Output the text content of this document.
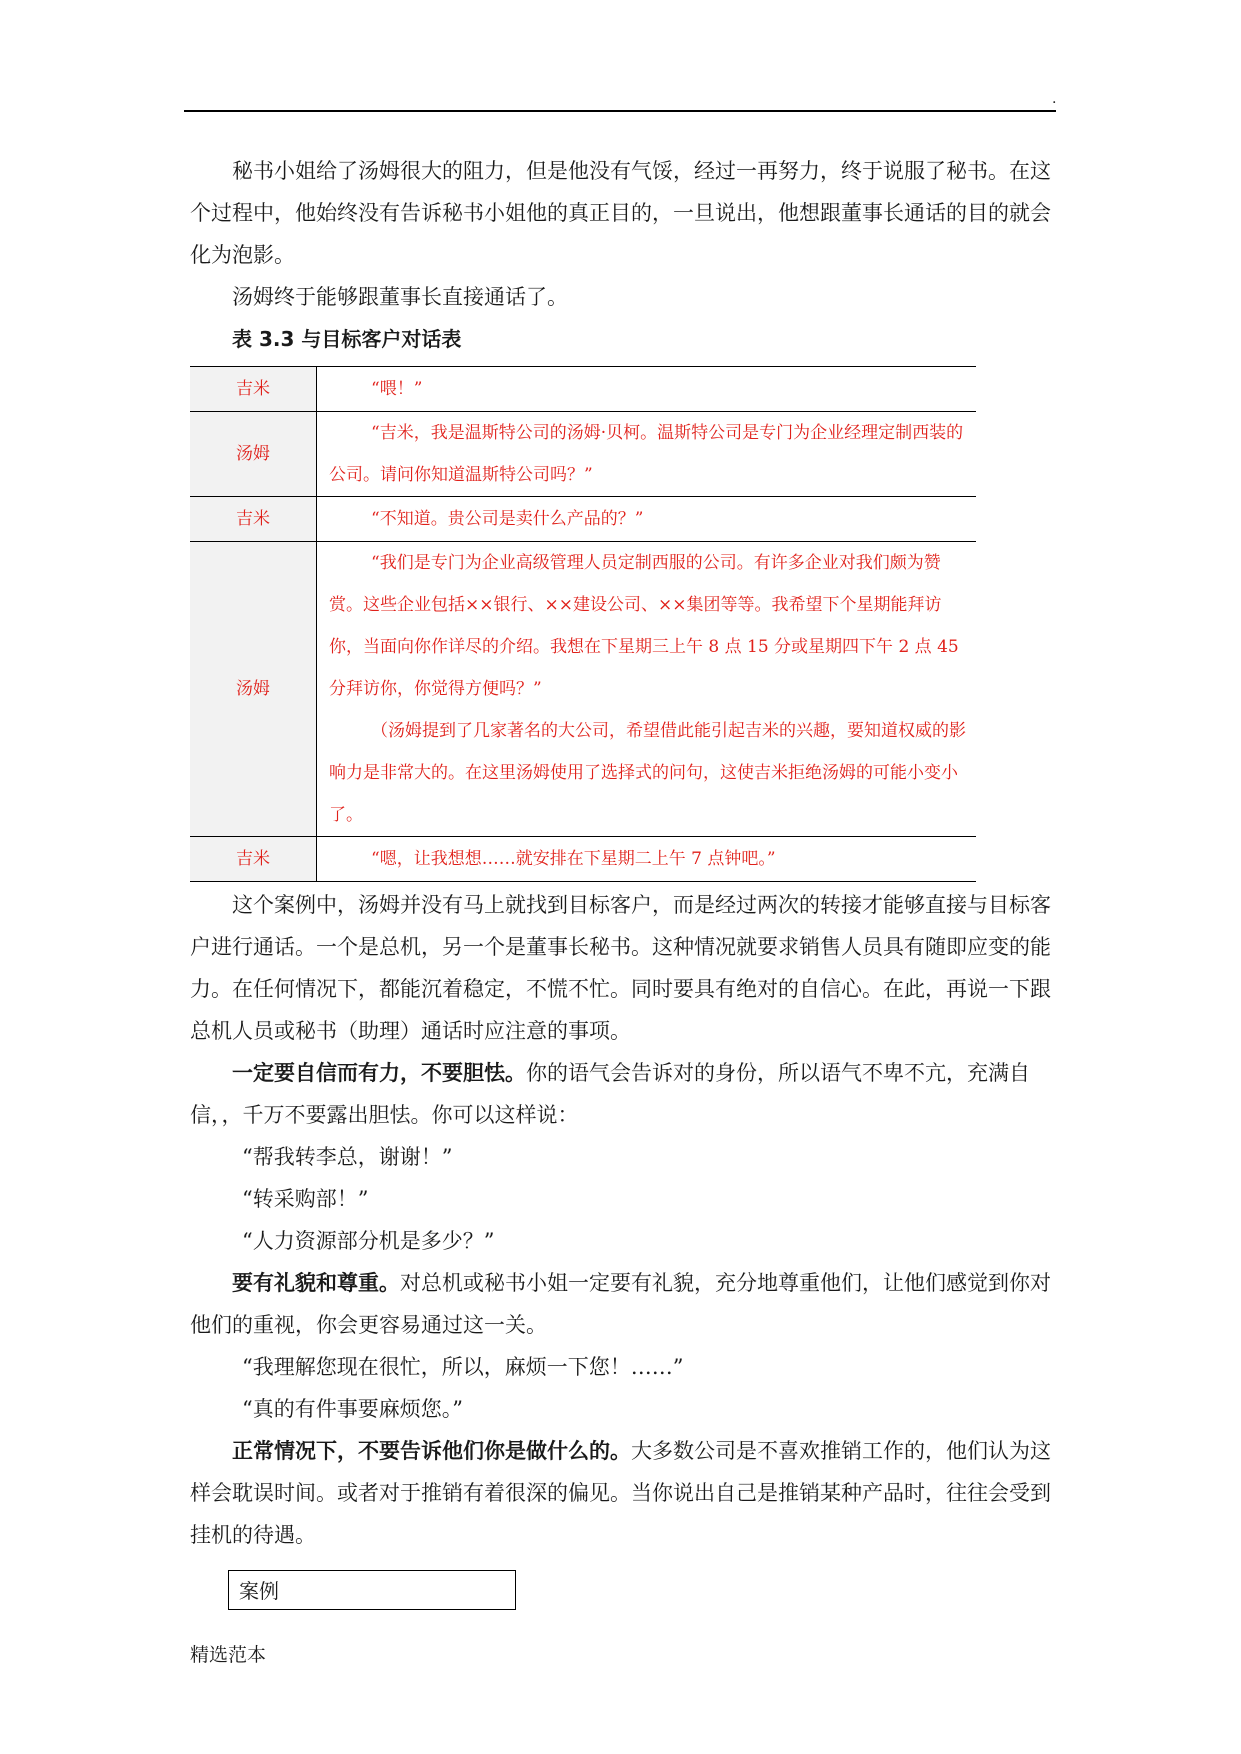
.

秘书小姐给了汤姆很大的阻力，但是他没有气馁，经过一再努力，终于说服了秘书。在这个过程中，他始终没有告诉秘书小姐他的真正目的，一旦说出，他想跟董事长通话的目的就会化为泡影。

汤姆终于能够跟董事长直接通话了。

表 3.3 与目标客户对话表

吉米	“喂！”

汤姆	“吉米，我是温斯特公司的汤姆·贝柯。温斯特公司是专门为企业经理定制西装的公司。请问你知道温斯特公司吗？”

吉米	“不知道。贵公司是卖什么产品的？”

汤姆	“我们是专门为企业高级管理人员定制西服的公司。有许多企业对我们颇为赞赏。这些企业包括××银行、××建设公司、××集团等等。我希望下个星期能拜访你，当面向你作详尽的介绍。我想在下星期三上午 8 点 15 分或星期四下午 2 点 45 分拜访你，你觉得方便吗？”

（汤姆提到了几家著名的大公司，希望借此能引起吉米的兴趣，要知道权威的影响力是非常大的。在这里汤姆使用了选择式的问句，这使吉米拒绝汤姆的可能小变小了。

吉米	“嗯，让我想想……就安排在下星期二上午 7 点钟吧。”

这个案例中，汤姆并没有马上就找到目标客户，而是经过两次的转接才能够直接与目标客户进行通话。一个是总机，另一个是董事长秘书。这种情况就要求销售人员具有随即应变的能力。在任何情况下，都能沉着稳定，不慌不忙。同时要具有绝对的自信心。在此，再说一下跟总机人员或秘书（助理）通话时应注意的事项。

一定要自信而有力，不要胆怯。你的语气会告诉对的身份，所以语气不卑不亢，充满自信，，千万不要露出胆怯。你可以这样说：

“帮我转李总，谢谢！”

“转采购部！”

“人力资源部分机是多少？”

要有礼貌和尊重。对总机或秘书小姐一定要有礼貌，充分地尊重他们，让他们感觉到你对他们的重视，你会更容易通过这一关。

“我理解您现在很忙，所以，麻烦一下您！……”

“真的有件事要麻烦您。”

正常情况下，不要告诉他们你是做什么的。大多数公司是不喜欢推销工作的，他们认为这样会耽误时间。或者对于推销有着很深的偏见。当你说出自己是推销某种产品时，往往会受到挂机的待遇。

案例
精选范本
